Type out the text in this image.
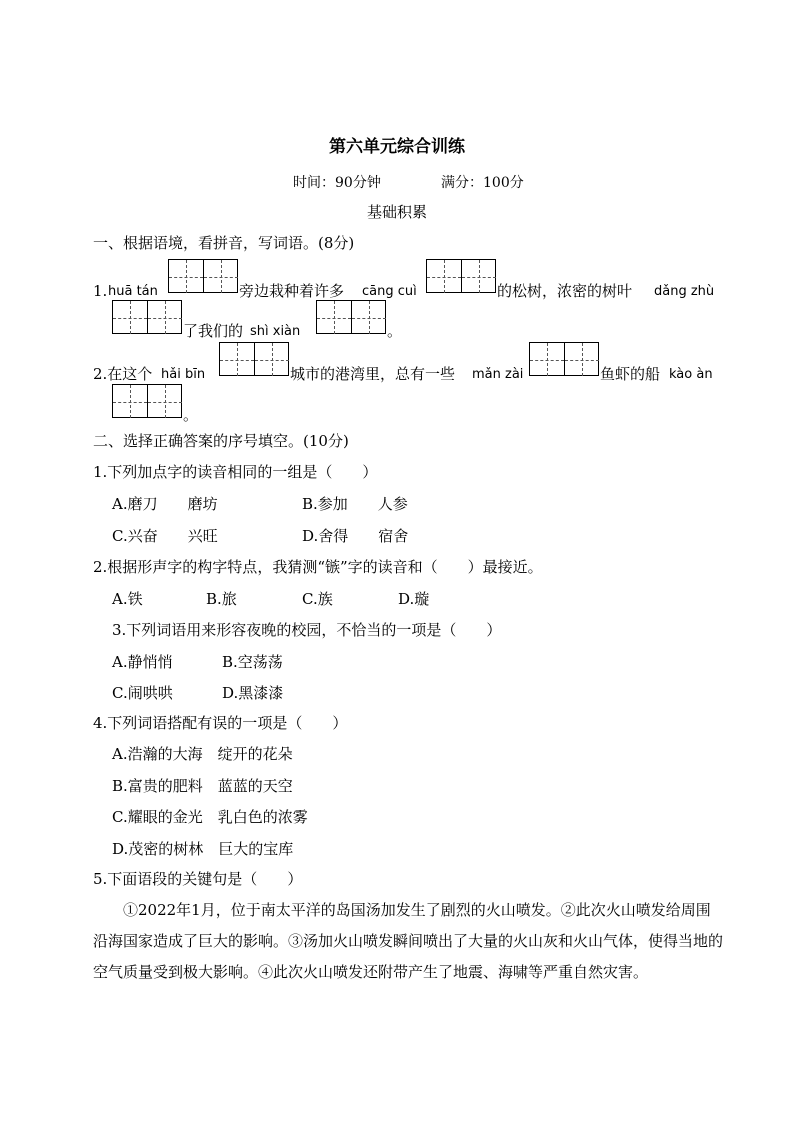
第六单元综合训练
时间：90分钟	满分：100分
基础积累
一、根据语境，看拼音，写词语。(8分)
1. huā tán	旁边栽种着许多 cāng cuì	的松树，浓密的树叶 dǎng zhù
了我们的 shì xiàn	。
2.在这个 hǎi bīn	城市的港湾里，总有一些 mǎn zài	鱼虾的船 kào àn
。
二、选择正确答案的序号填空。(10分)
1.下列加点字的读音相同的一组是（　　）
A.磨刀　　磨坊	B.参加　　人参
C.兴奋　　兴旺	D.舍得　　宿舍
2.根据形声字的构字特点，我猜测“镞”字的读音和（　　）最接近。
A.铁	B.旅	C.族	D.璇
3.下列词语用来形容夜晚的校园，不恰当的一项是（　　）
A.静悄悄	B.空荡荡
C.闹哄哄	D.黑漆漆
4.下列词语搭配有误的一项是（　　）
A.浩瀚的大海　绽开的花朵
B.富贵的肥料　蓝蓝的天空
C.耀眼的金光　乳白色的浓雾
D.茂密的树林　巨大的宝库
5.下面语段的关键句是（　　）
①2022年1月，位于南太平洋的岛国汤加发生了剧烈的火山喷发。②此次火山喷发给周围沿海国家造成了巨大的影响。③汤加火山喷发瞬间喷出了大量的火山灰和火山气体，使得当地的空气质量受到极大影响。④此次火山喷发还附带产生了地震、海啸等严重自然灾害。
